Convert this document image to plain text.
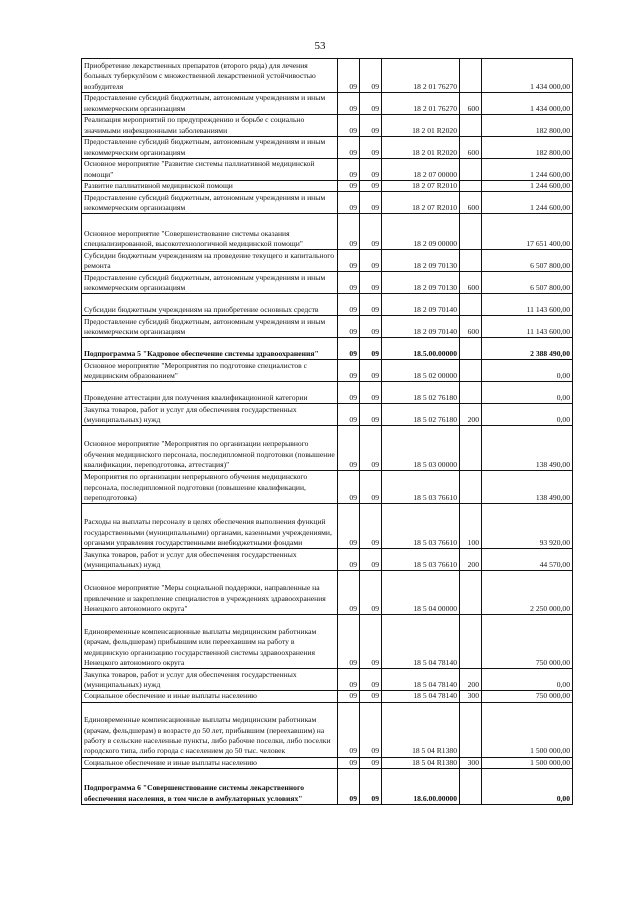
53
Приобретение лекарственных препаратов (второго ряда) для лечения больных туберкулёзом с множественной лекарственной устойчивостью возбудителя	09	09	18 2 01 76270		1 434 000,00
Предоставление субсидий бюджетным, автономным учреждениям и иным некоммерческим организациям	09	09	18 2 01 76270	600	1 434 000,00
Реализация мероприятий по предупреждению и борьбе с социально значимыми инфекционными заболеваниями	09	09	18 2 01 R2020		182 800,00
Предоставление субсидий бюджетным, автономным учреждениям и иным некоммерческим организациям	09	09	18 2 01 R2020	600	182 800,00
Основное мероприятие "Развитие системы паллиативной медицинской помощи"	09	09	18 2 07 00000		1 244 600,00
Развитие паллиативной медицинской помощи	09	09	18 2 07 R2010		1 244 600,00
Предоставление субсидий бюджетным, автономным учреждениям и иным некоммерческим организациям	09	09	18 2 07 R2010	600	1 244 600,00
Основное мероприятие "Совершенствование системы оказания специализированной, высокотехнологичной медицинской помощи"	09	09	18 2 09 00000		17 651 400,00
Субсидии бюджетным учреждениям на проведение текущего и капитального ремонта	09	09	18 2 09 70130		6 507 800,00
Предоставление субсидий бюджетным, автономным учреждениям и иным некоммерческим организациям	09	09	18 2 09 70130	600	6 507 800,00
Субсидии бюджетным учреждениям на приобретение основных средств	09	09	18 2 09 70140		11 143 600,00
Предоставление субсидий бюджетным, автономным учреждениям и иным некоммерческим организациям	09	09	18 2 09 70140	600	11 143 600,00
Подпрограмма 5 "Кадровое обеспечение системы здравоохранения"	09	09	18.5.00.00000		2 388 490,00
Основное мероприятие "Мероприятия по подготовке специалистов с медицинским образованием"	09	09	18 5 02 00000		0,00
Проведение аттестации для получения квалификационной категории	09	09	18 5 02 76180		0,00
Закупка товаров, работ и услуг для обеспечения государственных (муниципальных) нужд	09	09	18 5 02 76180	200	0,00
Основное мероприятие "Мероприятия по организации непрерывного обучения медицинского персонала, последипломной подготовки (повышение квалификации, переподготовка, аттестация)"	09	09	18 5 03 00000		138 490,00
Мероприятия по организации непрерывного обучения медицинского персонала, последипломной подготовки (повышение квалификации, переподготовка)	09	09	18 5 03 76610		138 490,00
Расходы на выплаты персоналу в целях обеспечения выполнения функций государственными (муниципальными) органами, казенными учреждениями, органами управления государственными внебюджетными фондами	09	09	18 5 03 76610	100	93 920,00
Закупка товаров, работ и услуг для обеспечения государственных (муниципальных) нужд	09	09	18 5 03 76610	200	44 570,00
Основное мероприятие "Меры социальной поддержки, направленные на привлечение и закрепление специалистов в учреждениях здравоохранения Ненецкого автономного округа"	09	09	18 5 04 00000		2 250 000,00
Единовременные компенсационные выплаты медицинским работникам (врачам, фельдшерам) прибывшим или переехавшим на работу в медицинскую организацию государственной системы здравоохранения Ненецкого автономного округа	09	09	18 5 04 78140		750 000,00
Закупка товаров, работ и услуг для обеспечения государственных (муниципальных) нужд	09	09	18 5 04 78140	200	0,00
Социальное обеспечение и иные выплаты населению	09	09	18 5 04 78140	300	750 000,00
Единовременные компенсационные выплаты медицинским работникам (врачам, фельдшерам) в возрасте до 50 лет, прибывшим (переехавшим) на работу в сельские населенные пункты, либо рабочие поселки, либо поселки городского типа, либо города с населением до 50 тыс. человек	09	09	18 5 04 R1380		1 500 000,00
Социальное обеспечение и иные выплаты населению	09	09	18 5 04 R1380	300	1 500 000,00
Подпрограмма 6 "Совершенствование системы лекарственного обеспечения населения, в том числе в амбулаторных условиях"	09	09	18.6.00.00000		0,00
